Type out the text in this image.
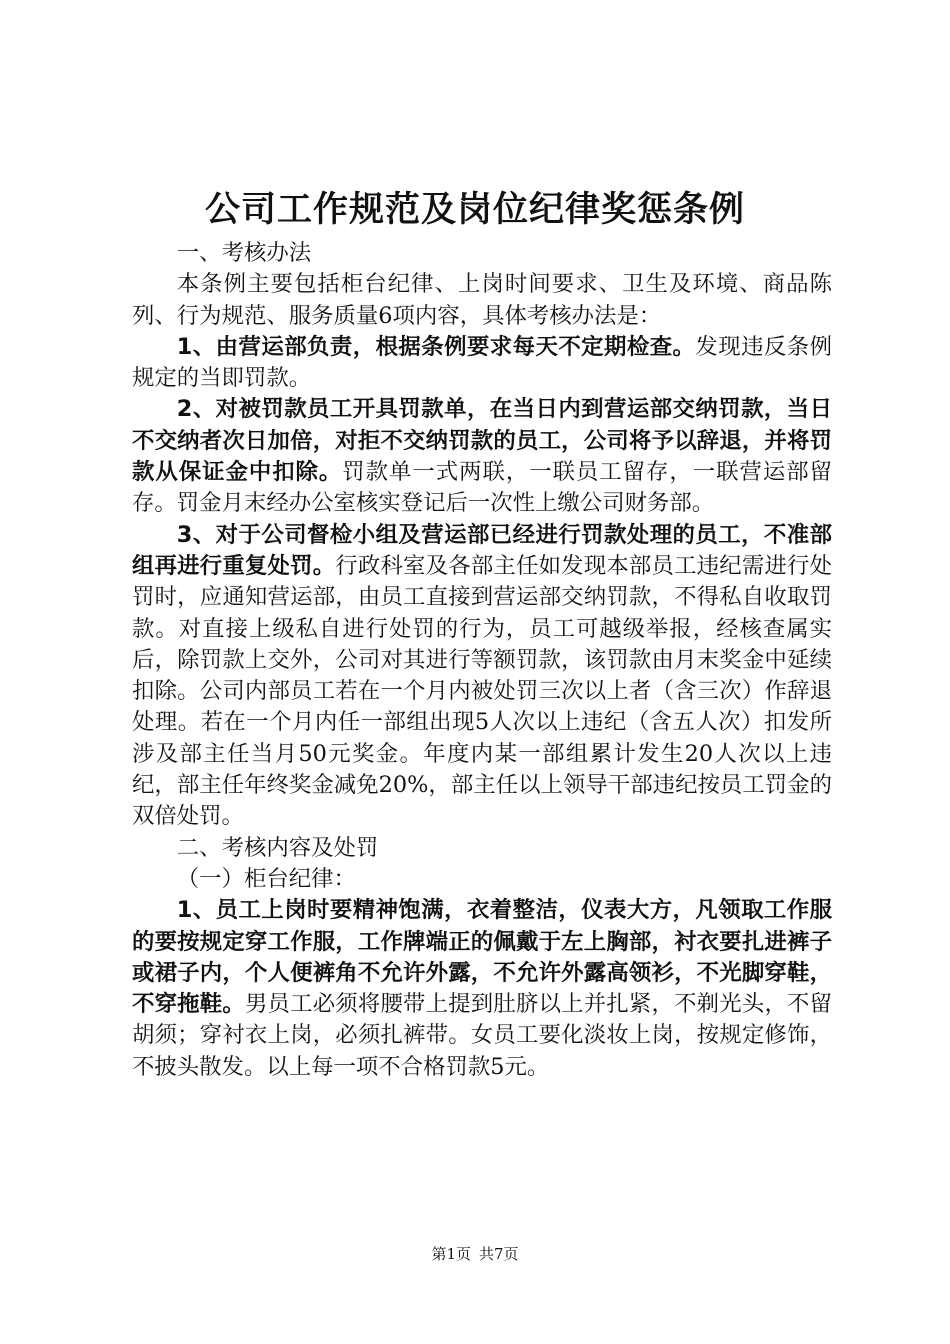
公司工作规范及岗位纪律奖惩条例

一、考核办法

本条例主要包括柜台纪律、上岗时间要求、卫生及环境、商品陈列、行为规范、服务质量6项内容，具体考核办法是：

1、由营运部负责，根据条例要求每天不定期检查。发现违反条例规定的当即罚款。

2、对被罚款员工开具罚款单，在当日内到营运部交纳罚款，当日不交纳者次日加倍，对拒不交纳罚款的员工，公司将予以辞退，并将罚款从保证金中扣除。罚款单一式两联，一联员工留存，一联营运部留存。罚金月末经办公室核实登记后一次性上缴公司财务部。

3、对于公司督检小组及营运部已经进行罚款处理的员工，不准部组再进行重复处罚。行政科室及各部主任如发现本部员工违纪需进行处罚时，应通知营运部，由员工直接到营运部交纳罚款，不得私自收取罚款。对直接上级私自进行处罚的行为，员工可越级举报，经核查属实后，除罚款上交外，公司对其进行等额罚款，该罚款由月末奖金中延续扣除。公司内部员工若在一个月内被处罚三次以上者（含三次）作辞退处理。若在一个月内任一部组出现5人次以上违纪（含五人次）扣发所涉及部主任当月50元奖金。年度内某一部组累计发生20人次以上违纪，部主任年终奖金减免20%，部主任以上领导干部违纪按员工罚金的双倍处罚。

二、考核内容及处罚

（一）柜台纪律：

1、员工上岗时要精神饱满，衣着整洁，仪表大方，凡领取工作服的要按规定穿工作服，工作牌端正的佩戴于左上胸部，衬衣要扎进裤子或裙子内，个人便裤角不允许外露，不允许外露高领衫，不光脚穿鞋，不穿拖鞋。男员工必须将腰带上提到肚脐以上并扎紧，不剃光头，不留胡须；穿衬衣上岗，必须扎裤带。女员工要化淡妆上岗，按规定修饰，不披头散发。以上每一项不合格罚款5元。

第1页 共7页
